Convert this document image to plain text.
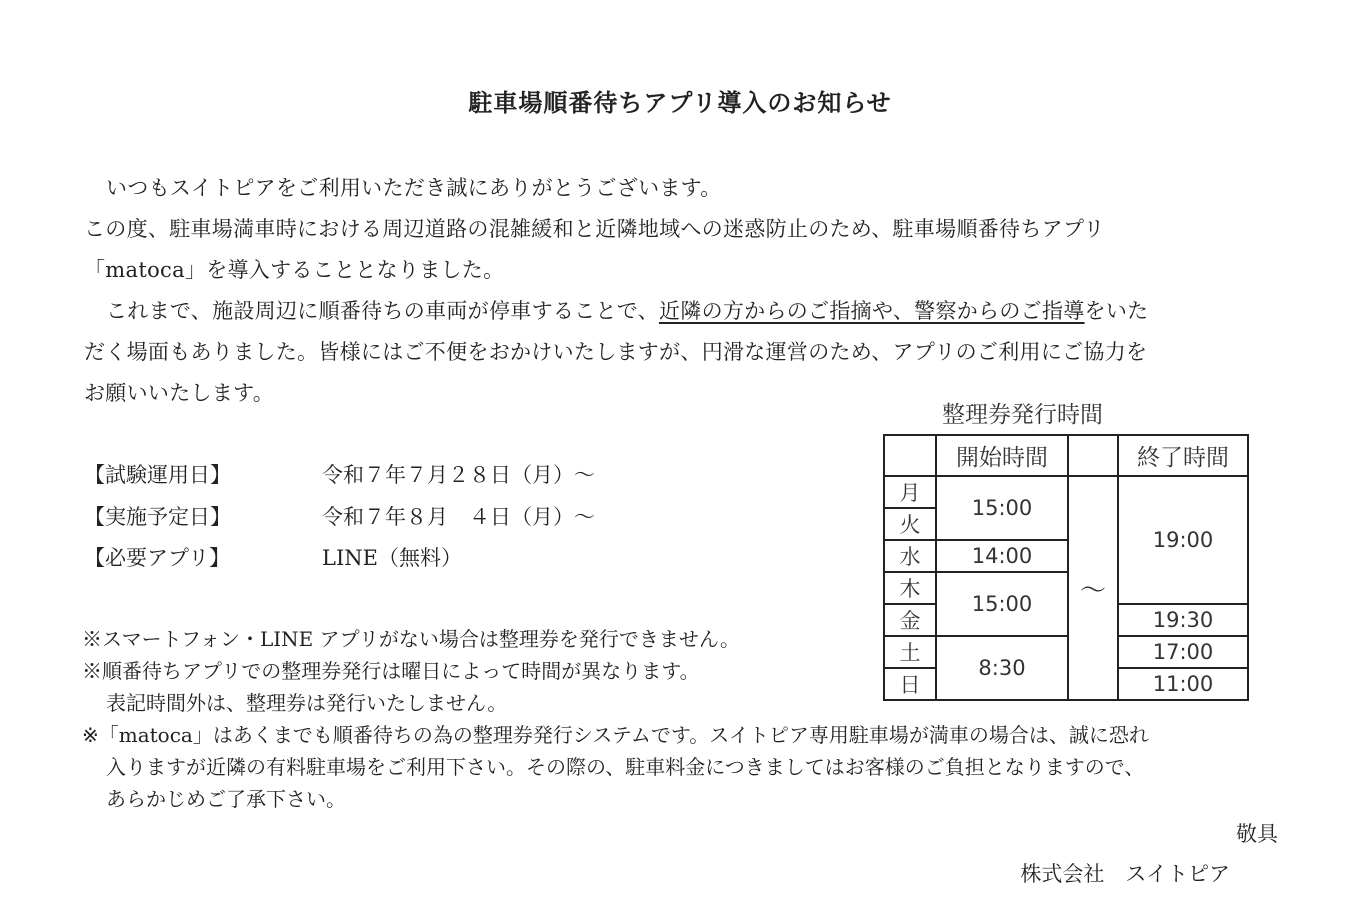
駐車場順番待ちアプリ導入のお知らせ
いつもスイトピアをご利用いただき誠にありがとうございます。
この度、駐車場満車時における周辺道路の混雑緩和と近隣地域への迷惑防止のため、駐車場順番待ちアプリ
「matoca」を導入することとなりました。
これまで、施設周辺に順番待ちの車両が停車することで、近隣の方からのご指摘や、警察からのご指導をいた
だく場面もありました。皆様にはご不便をおかけいたしますが、円滑な運営のため、アプリのご利用にご協力を
お願いいたします。
【試験運用日】	令和７年７月２８日（月）～
【実施予定日】	令和７年８月　４日（月）～
【必要アプリ】	LINE（無料）
整理券発行時間
	開始時間		終了時間
月	15:00	～	19:00
火			
水	14:00		
木	15:00		
金			19:30
土	8:30		17:00
日			11:00
※スマートフォン・LINE アプリがない場合は整理券を発行できません。
※順番待ちアプリでの整理券発行は曜日によって時間が異なります。
表記時間外は、整理券は発行いたしません。
※「matoca」はあくまでも順番待ちの為の整理券発行システムです。スイトピア専用駐車場が満車の場合は、誠に恐れ
入りますが近隣の有料駐車場をご利用下さい。その際の、駐車料金につきましてはお客様のご負担となりますので、
あらかじめご了承下さい。
敬具
株式会社　スイトピア
